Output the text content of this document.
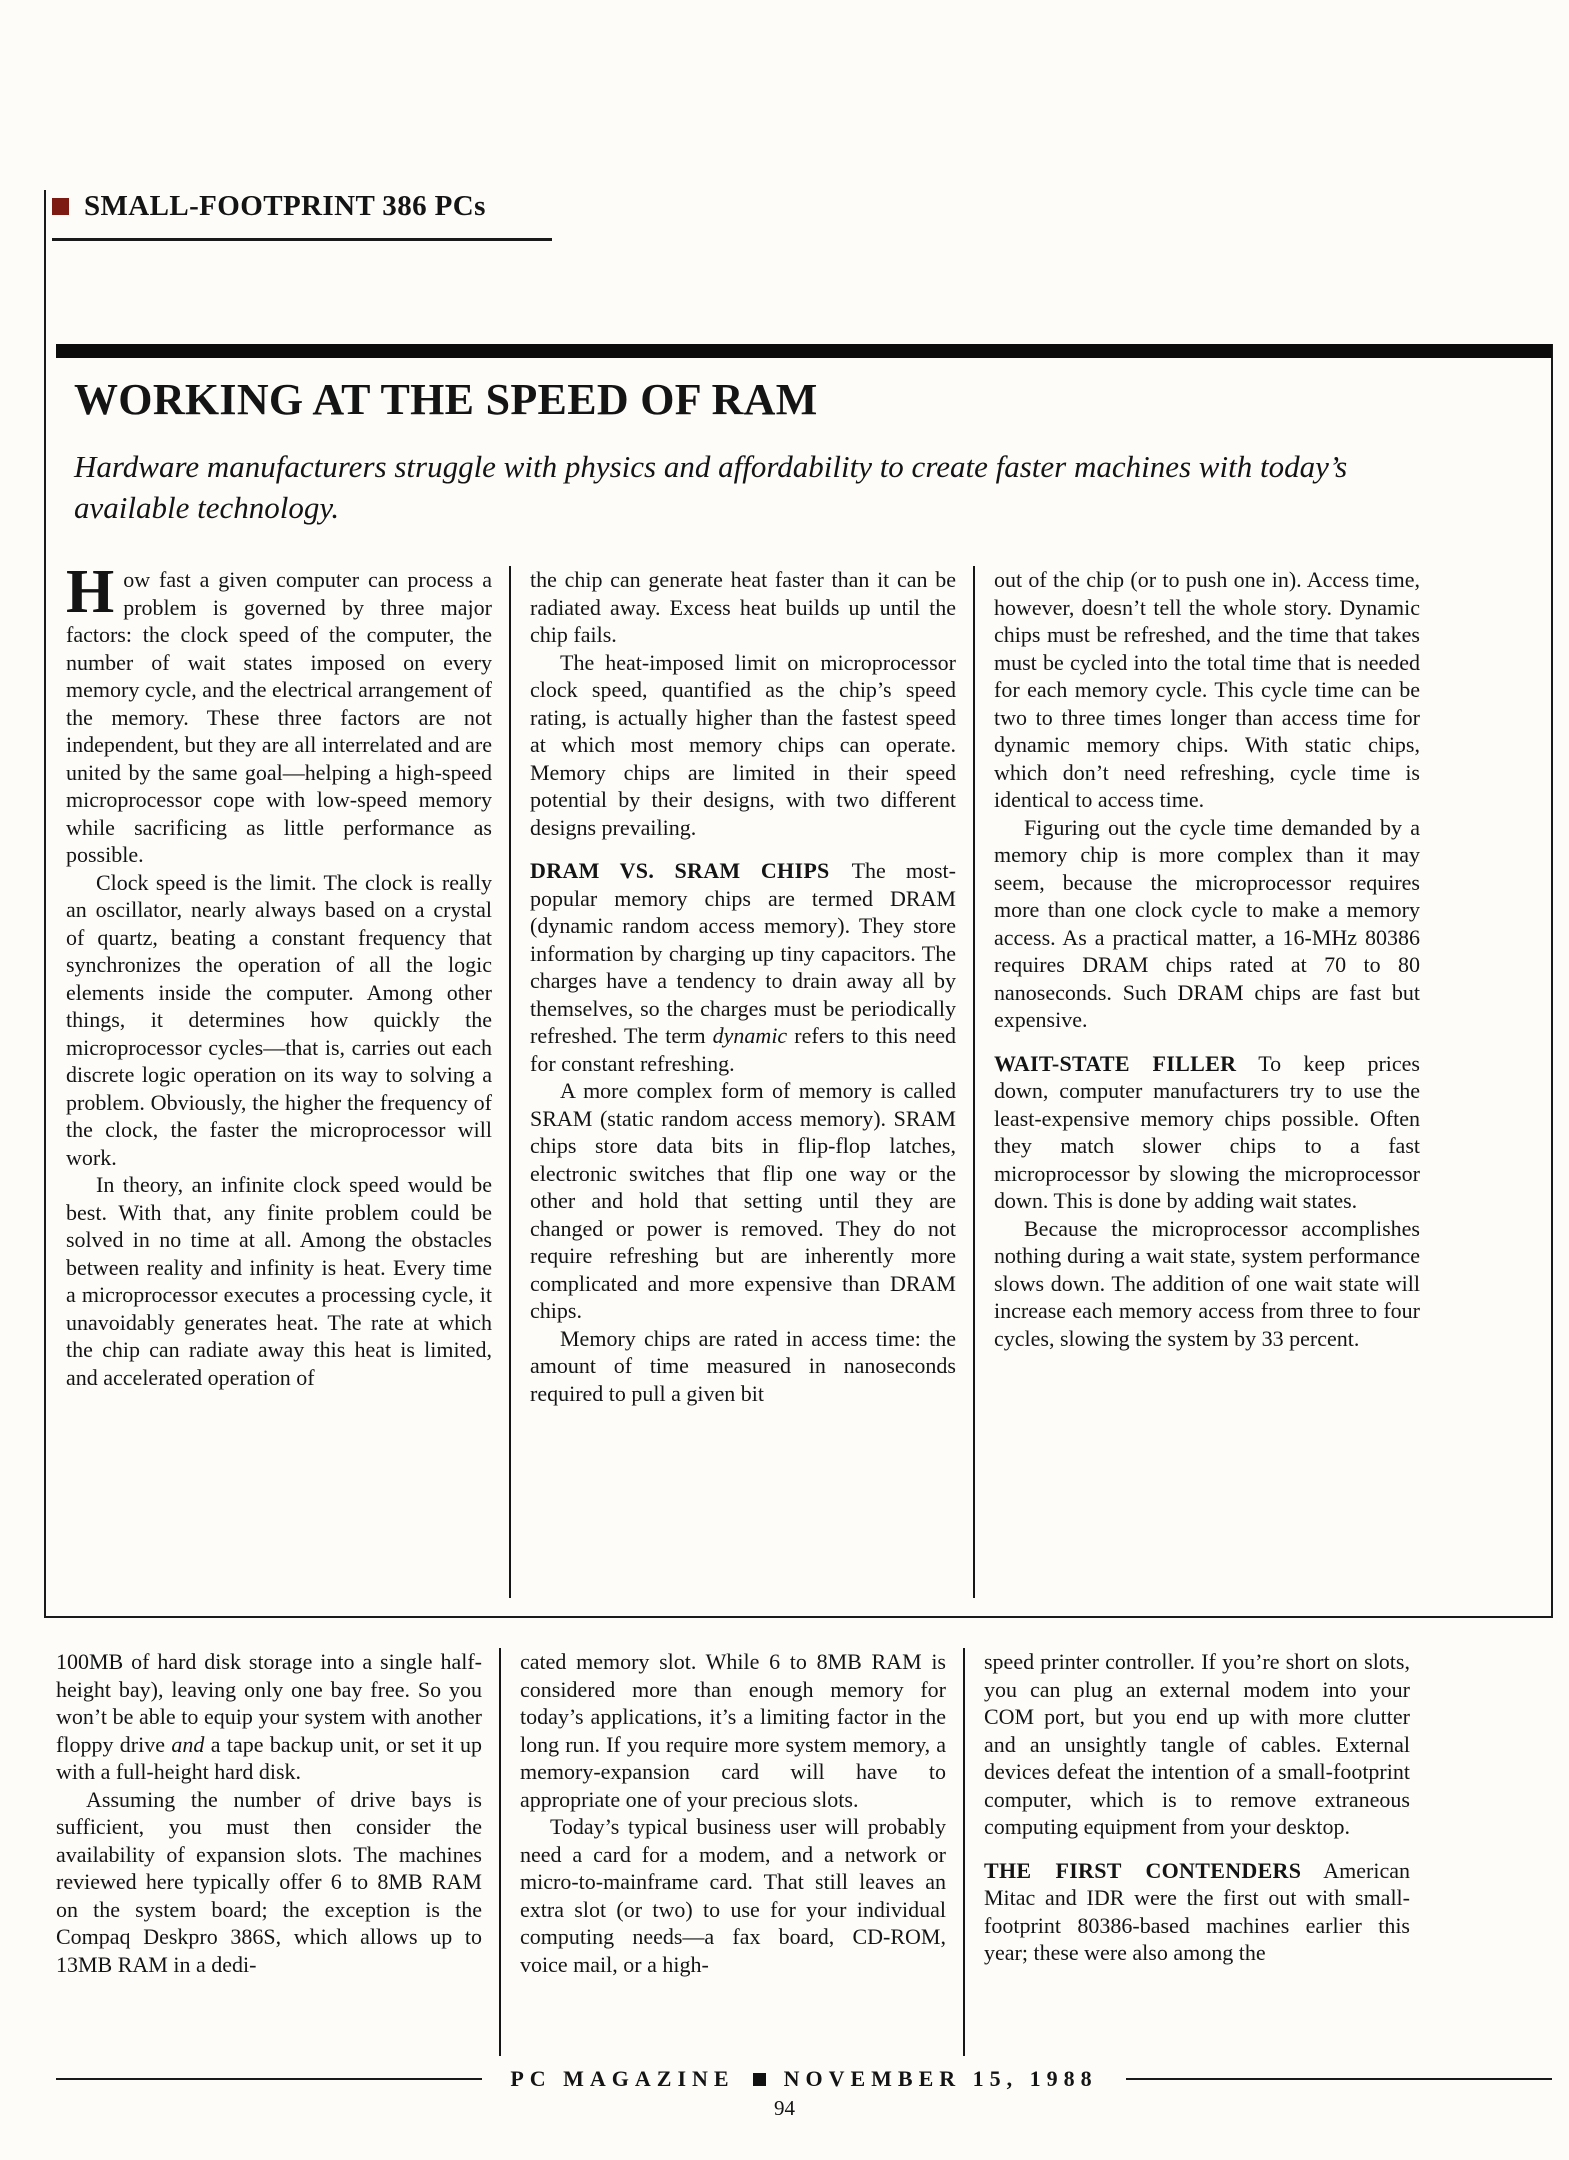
SMALL-FOOTPRINT 386 PCs
WORKING AT THE SPEED OF RAM

Hardware manufacturers struggle with physics and affordability to create faster machines with today’s available technology.

How fast a given computer can process a problem is governed by three major factors: the clock speed of the computer, the number of wait states imposed on every memory cycle, and the electrical arrangement of the memory. These three factors are not independent, but they are all interrelated and are united by the same goal—helping a high-speed microprocessor cope with low-speed memory while sacrificing as little performance as possible.

Clock speed is the limit. The clock is really an oscillator, nearly always based on a crystal of quartz, beating a constant frequency that synchronizes the operation of all the logic elements inside the computer. Among other things, it determines how quickly the microprocessor cycles—that is, carries out each discrete logic operation on its way to solving a problem. Obviously, the higher the frequency of the clock, the faster the microprocessor will work.

In theory, an infinite clock speed would be best. With that, any finite problem could be solved in no time at all. Among the obstacles between reality and infinity is heat. Every time a microprocessor executes a processing cycle, it unavoidably generates heat. The rate at which the chip can radiate away this heat is limited, and accelerated operation of

the chip can generate heat faster than it can be radiated away. Excess heat builds up until the chip fails.

The heat-imposed limit on microprocessor clock speed, quantified as the chip’s speed rating, is actually higher than the fastest speed at which most memory chips can operate. Memory chips are limited in their speed potential by their designs, with two different designs prevailing.

DRAM VS. SRAM CHIPS  The most-popular memory chips are termed DRAM (dynamic random access memory). They store information by charging up tiny capacitors. The charges have a tendency to drain away all by themselves, so the charges must be periodically refreshed. The term dynamic refers to this need for constant refreshing.

A more complex form of memory is called SRAM (static random access memory). SRAM chips store data bits in flip-flop latches, electronic switches that flip one way or the other and hold that setting until they are changed or power is removed. They do not require refreshing but are inherently more complicated and more expensive than DRAM chips.

Memory chips are rated in access time: the amount of time measured in nanoseconds required to pull a given bit

out of the chip (or to push one in). Access time, however, doesn’t tell the whole story. Dynamic chips must be refreshed, and the time that takes must be cycled into the total time that is needed for each memory cycle. This cycle time can be two to three times longer than access time for dynamic memory chips. With static chips, which don’t need refreshing, cycle time is identical to access time.

Figuring out the cycle time demanded by a memory chip is more complex than it may seem, because the microprocessor requires more than one clock cycle to make a memory access. As a practical matter, a 16-MHz 80386 requires DRAM chips rated at 70 to 80 nanoseconds. Such DRAM chips are fast but expensive.

WAIT-STATE FILLER  To keep prices down, computer manufacturers try to use the least-expensive memory chips possible. Often they match slower chips to a fast microprocessor by slowing the microprocessor down. This is done by adding wait states.

Because the microprocessor accomplishes nothing during a wait state, system performance slows down. The addition of one wait state will increase each memory access from three to four cycles, slowing the system by 33 percent.

100MB of hard disk storage into a single half-height bay), leaving only one bay free. So you won’t be able to equip your system with another floppy drive and a tape backup unit, or set it up with a full-height hard disk.

Assuming the number of drive bays is sufficient, you must then consider the availability of expansion slots. The machines reviewed here typically offer 6 to 8MB RAM on the system board; the exception is the Compaq Deskpro 386S, which allows up to 13MB RAM in a dedi-

cated memory slot. While 6 to 8MB RAM is considered more than enough memory for today’s applications, it’s a limiting factor in the long run. If you require more system memory, a memory-expansion card will have to appropriate one of your precious slots.

Today’s typical business user will probably need a card for a modem, and a network or micro-to-mainframe card. That still leaves an extra slot (or two) to use for your individual computing needs—a fax board, CD-ROM, voice mail, or a high-

speed printer controller. If you’re short on slots, you can plug an external modem into your COM port, but you end up with more clutter and an unsightly tangle of cables. External devices defeat the intention of a small-footprint computer, which is to remove extraneous computing equipment from your desktop.

THE FIRST CONTENDERS  American Mitac and IDR were the first out with small-footprint 80386-based machines earlier this year; these were also among the

PC MAGAZINE NOVEMBER 15, 1988
94
